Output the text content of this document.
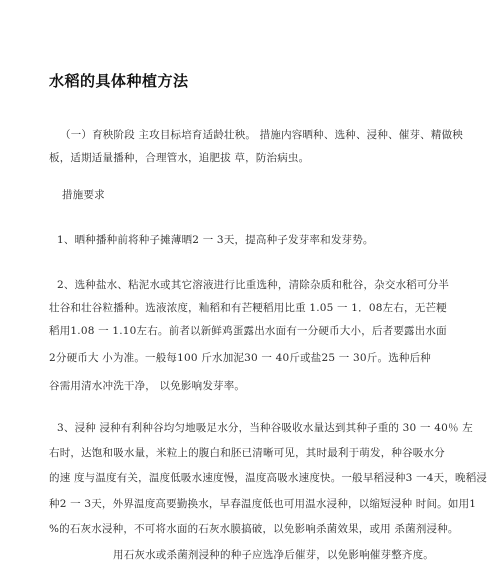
水稻的具体种植方法
（一）育秧阶段 主攻目标培育适龄壮秧。 措施内容晒种、选种、浸种、催芽、精做秧
板，适期适量播种，合理管水，追肥拔 草，防治病虫。
措施要求
1、晒种播种前将种子摊薄晒2 一 3天，提高种子发芽率和发芽势。
2、选种盐水、粘泥水或其它溶液进行比重选种，清除杂质和秕谷，杂交水稻可分半
壮谷和壮谷粒播种。选液浓度，籼稻和有芒粳稻用比重 1.05 一 1．08左右，无芒粳
稻用1.08 一 1.10左右。前者以新鲜鸡蛋露出水面有一分硬币大小，后者要露出水面
2分硬币大 小为准。一般每100 斤水加泥30 一 40斤或盐25 一 30斤。选种后种
谷需用清水冲洗干净， 以免影响发芽率。
3、浸种 浸种有利种谷均匀地吸足水分，当种谷吸收水量达到其种子重的 30 一 40％ 左
右时，达饱和吸水量，米粒上的腹白和胚已清晰可见，其时最利于萌发，种谷吸水分
的速 度与温度有关，温度低吸水速度慢，温度高吸水速度快。一般早稻浸种3 一4天，晚稻浸
种2 一 3天，外界温度高要勤换水，早春温度低也可用温水浸种，以缩短浸种 时间。如用1
%的石灰水浸种，不可将水面的石灰水膜搞破，以免影响杀菌效果，或用 杀菌剂浸种。
用石灰水或杀菌剂浸种的种子应选净后催芽，以免影响催芽整齐度。
